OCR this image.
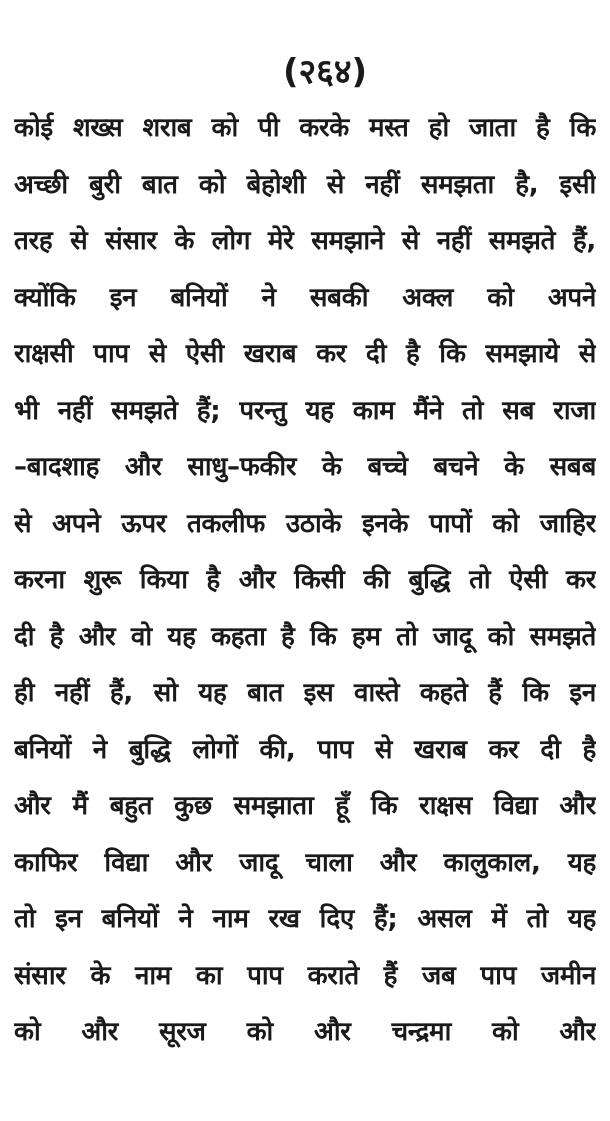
(२६४)
कोई शख्स शराब को पी करके मस्त हो जाता है कि
अच्छी बुरी बात को बेहोशी से नहीं समझता है, इसी
तरह से संसार के लोग मेरे समझाने से नहीं समझते हैं,
क्योंकि इन बनियों ने सबकी अक्ल को अपने
राक्षसी पाप से ऐसी खराब कर दी है कि समझाये से
भी नहीं समझते हैं; परन्तु यह काम मैंने तो सब राजा
–बादशाह और साधु–फकीर के बच्चे बचने के सबब
से अपने ऊपर तकलीफ उठाके इनके पापों को जाहिर
करना शुरू किया है और किसी की बुद्धि तो ऐसी कर
दी है और वो यह कहता है कि हम तो जादू को समझते
ही नहीं हैं, सो यह बात इस वास्ते कहते हैं कि इन
बनियों ने बुद्धि लोगों की, पाप से खराब कर दी है
और मैं बहुत कुछ समझाता हूँ कि राक्षस विद्या और
काफिर विद्या और जादू चाला और कालुकाल, यह
तो इन बनियों ने नाम रख दिए हैं; असल में तो यह
संसार के नाम का पाप कराते हैं जब पाप जमीन
को और सूरज को और चन्द्रमा को और
